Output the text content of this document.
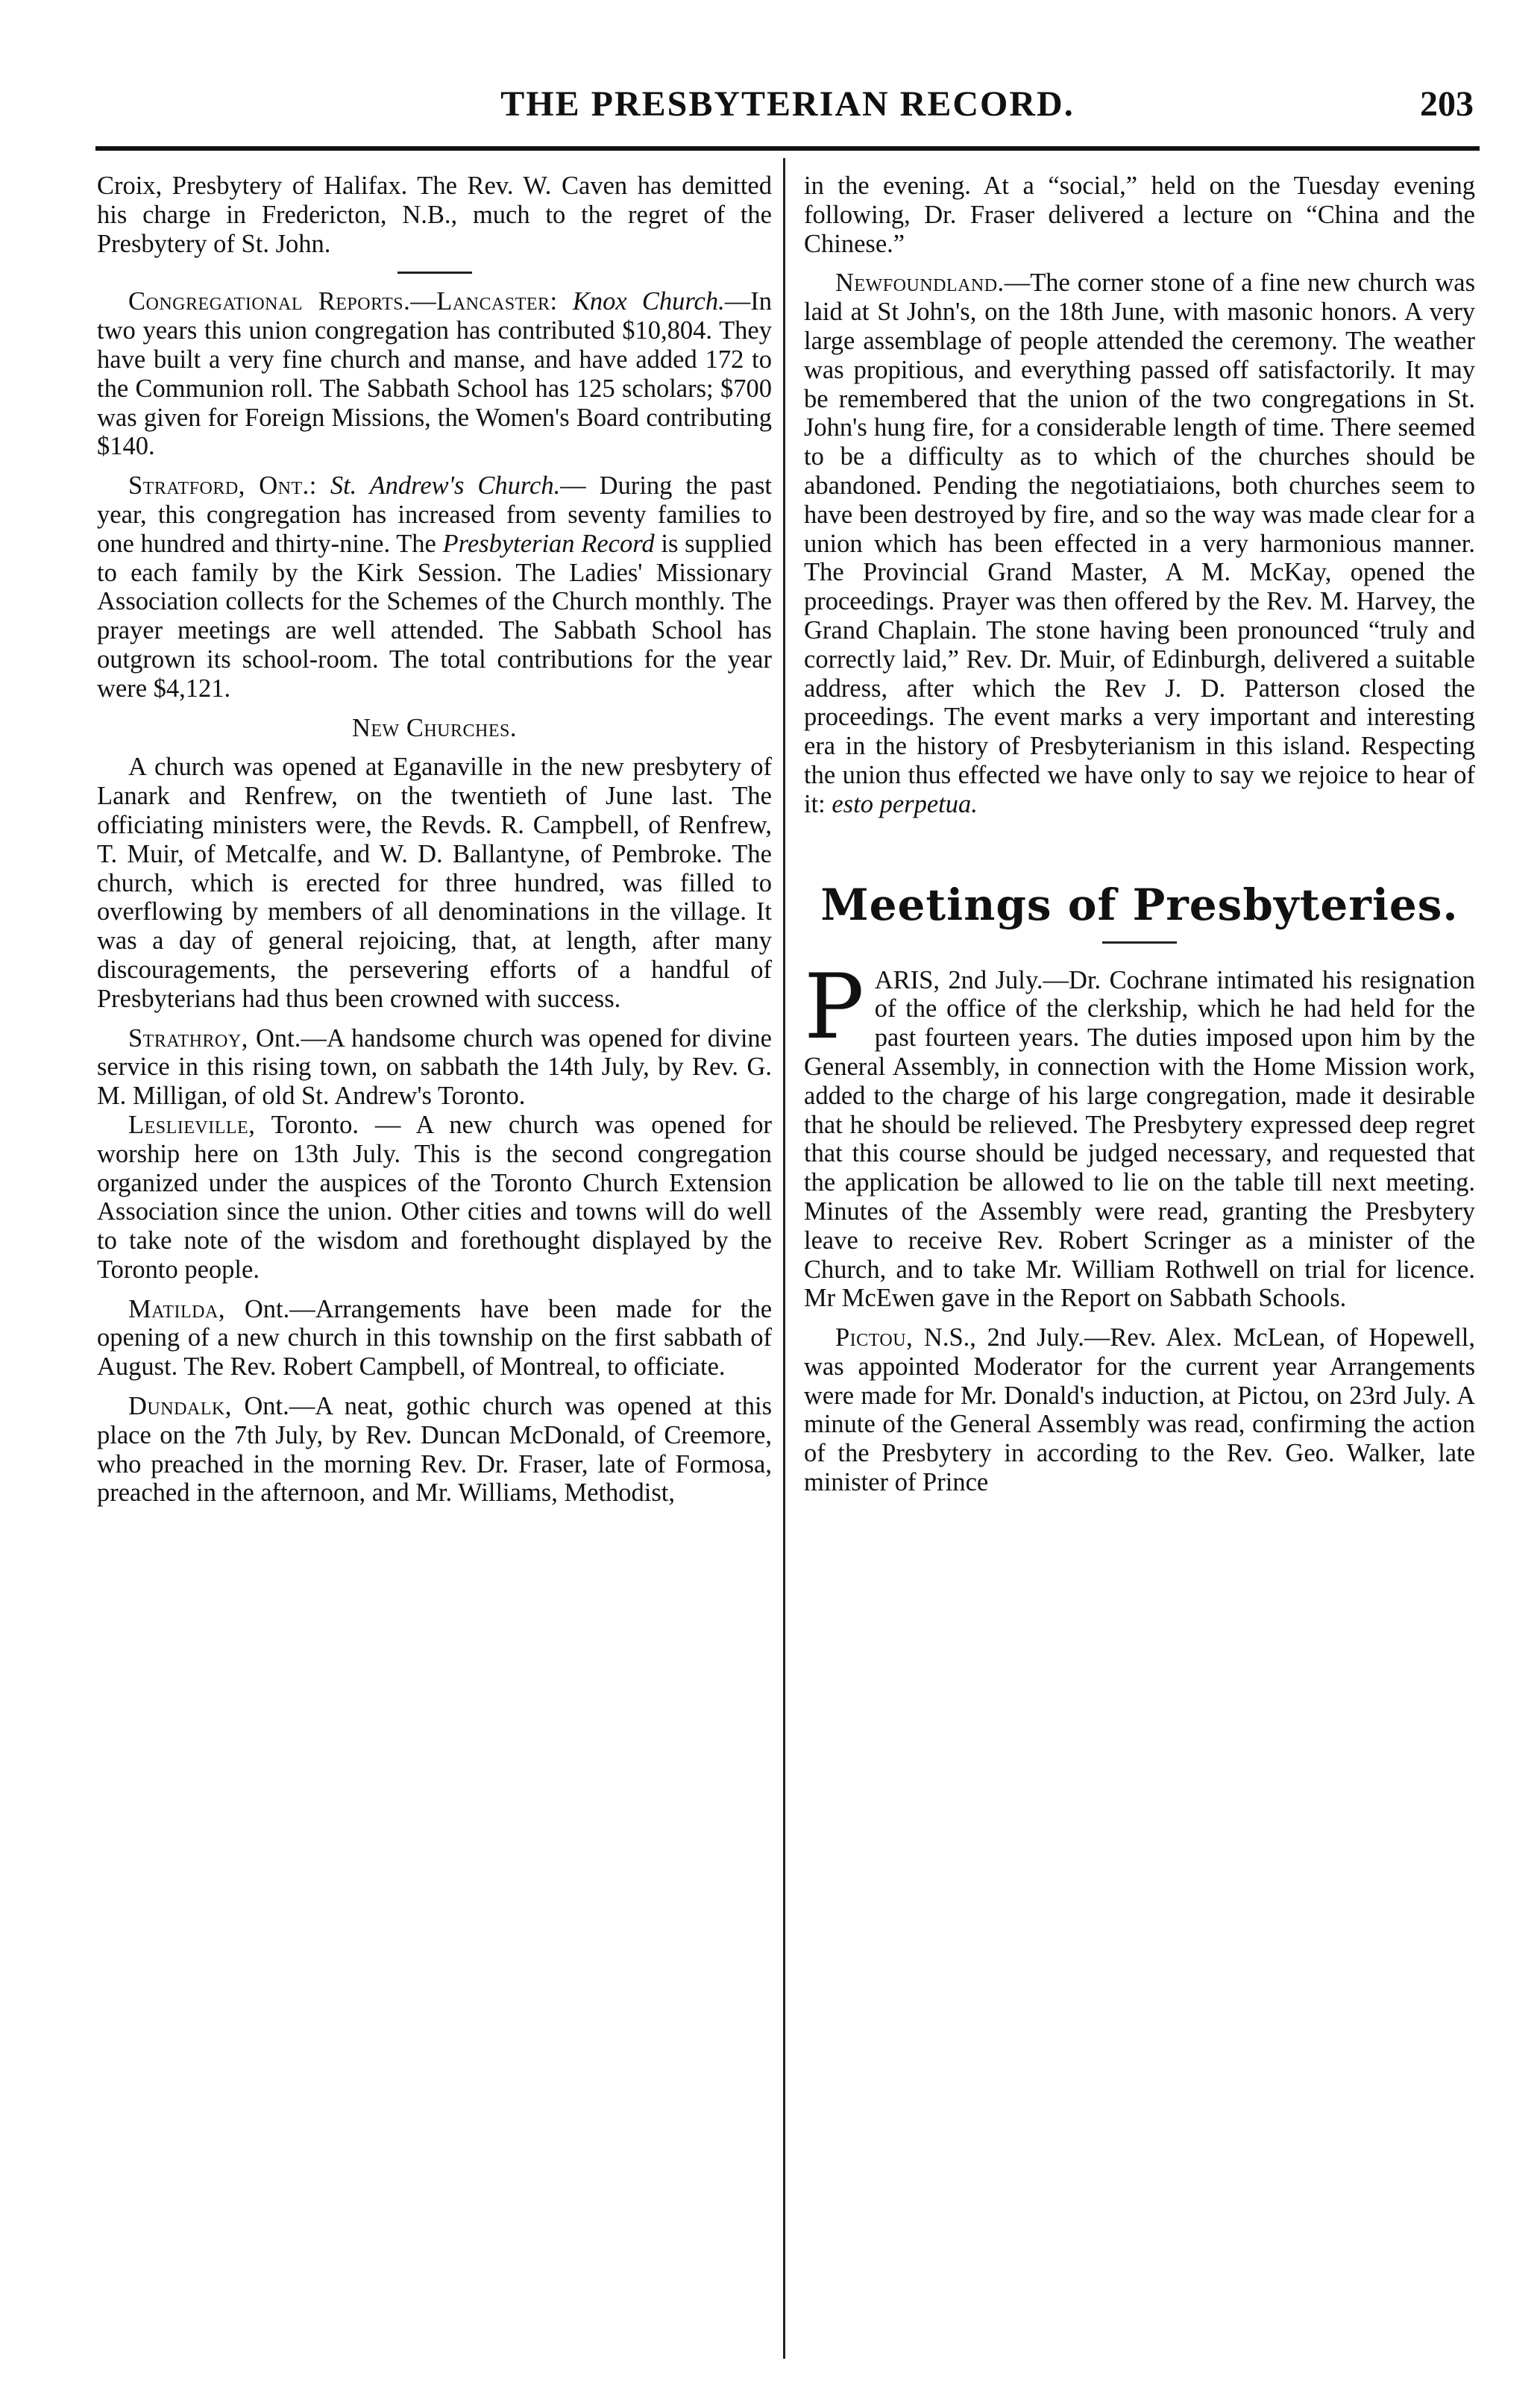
THE PRESBYTERIAN RECORD.	203

Croix, Presbytery of Halifax. The Rev. W. Caven has demitted his charge in Fredericton, N.B., much to the regret of the Presbytery of St. John.

Congregational Reports.—Lancaster: Knox Church.—In two years this union congregation has contributed $10,804. They have built a very fine church and manse, and have added 172 to the Communion roll. The Sabbath School has 125 scholars; $700 was given for Foreign Missions, the Women's Board contributing $140.

Stratford, Ont.: St. Andrew's Church.— During the past year, this congregation has increased from seventy families to one hundred and thirty-nine. The Presbyterian Record is supplied to each family by the Kirk Session. The Ladies' Missionary Association collects for the Schemes of the Church monthly. The prayer meetings are well attended. The Sabbath School has outgrown its school-room. The total contributions for the year were $4,121.

New Churches.

A church was opened at Eganaville in the new presbytery of Lanark and Renfrew, on the twentieth of June last. The officiating ministers were, the Revds. R. Campbell, of Renfrew, T. Muir, of Metcalfe, and W. D. Ballantyne, of Pembroke. The church, which is erected for three hundred, was filled to overflowing by members of all denominations in the village. It was a day of general rejoicing, that, at length, after many discouragements, the persevering efforts of a handful of Presbyterians had thus been crowned with success.

Strathroy, Ont.—A handsome church was opened for divine service in this rising town, on sabbath the 14th July, by Rev. G. M. Milligan, of old St. Andrew's Toronto.

Leslieville, Toronto. — A new church was opened for worship here on 13th July. This is the second congregation organized under the auspices of the Toronto Church Extension Association since the union. Other cities and towns will do well to take note of the wisdom and forethought displayed by the Toronto people.

Matilda, Ont.—Arrangements have been made for the opening of a new church in this township on the first sabbath of August. The Rev. Robert Campbell, of Montreal, to officiate.

Dundalk, Ont.—A neat, gothic church was opened at this place on the 7th July, by Rev. Duncan McDonald, of Creemore, who preached in the morning Rev. Dr. Fraser, late of Formosa, preached in the afternoon, and Mr. Williams, Methodist,

in the evening. At a “social,” held on the Tuesday evening following, Dr. Fraser delivered a lecture on “China and the Chinese.”

Newfoundland.—The corner stone of a fine new church was laid at St John's, on the 18th June, with masonic honors. A very large assemblage of people attended the ceremony. The weather was propitious, and everything passed off satisfactorily. It may be remembered that the union of the two congregations in St. John's hung fire, for a considerable length of time. There seemed to be a difficulty as to which of the churches should be abandoned. Pending the negotiatiaions, both churches seem to have been destroyed by fire, and so the way was made clear for a union which has been effected in a very harmonious manner. The Provincial Grand Master, A M. McKay, opened the proceedings. Prayer was then offered by the Rev. M. Harvey, the Grand Chaplain. The stone having been pronounced “truly and correctly laid,” Rev. Dr. Muir, of Edinburgh, delivered a suitable address, after which the Rev J. D. Patterson closed the proceedings. The event marks a very important and interesting era in the history of Presbyterianism in this island. Respecting the union thus effected we have only to say we rejoice to hear of it: esto perpetua.

Meetings of Presbyteries.

PARIS, 2nd July.—Dr. Cochrane intimated his resignation of the office of the clerkship, which he had held for the past fourteen years. The duties imposed upon him by the General Assembly, in connection with the Home Mission work, added to the charge of his large congregation, made it desirable that he should be relieved. The Presbytery expressed deep regret that this course should be judged necessary, and requested that the application be allowed to lie on the table till next meeting. Minutes of the Assembly were read, granting the Presbytery leave to receive Rev. Robert Scringer as a minister of the Church, and to take Mr. William Rothwell on trial for licence. Mr McEwen gave in the Report on Sabbath Schools.

Pictou, N.S., 2nd July.—Rev. Alex. McLean, of Hopewell, was appointed Moderator for the current year Arrangements were made for Mr. Donald's induction, at Pictou, on 23rd July. A minute of the General Assembly was read, confirming the action of the Presbytery in according to the Rev. Geo. Walker, late minister of Prince
